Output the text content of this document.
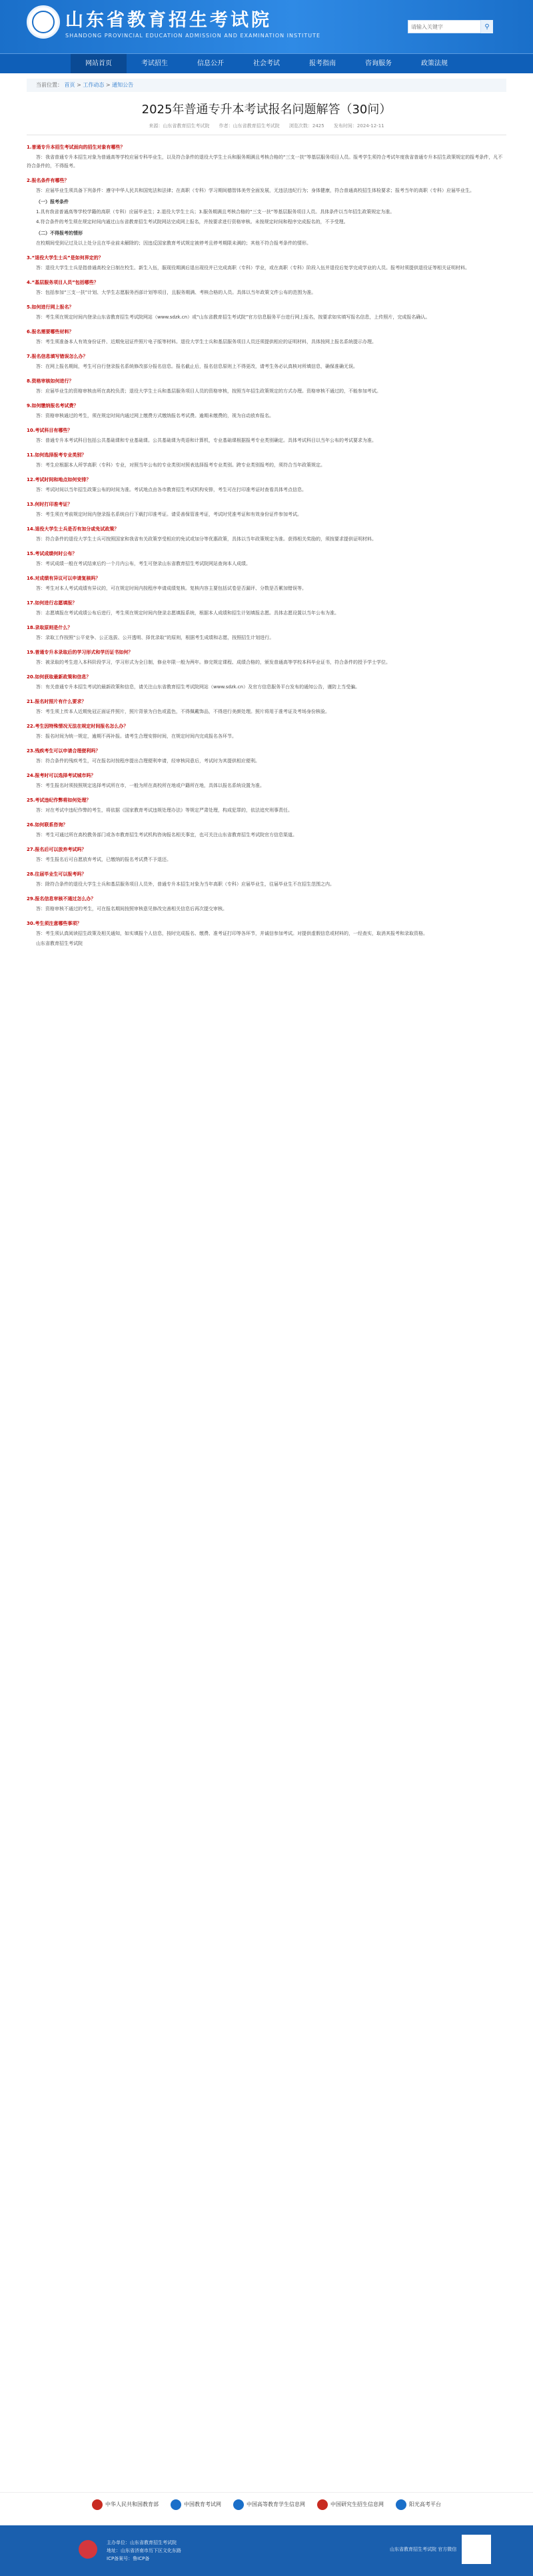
山东省教育招生考试院
SHANDONG PROVINCIAL EDUCATION ADMISSION AND EXAMINATION INSTITUTE
请输入关键字
⚲
网站首页	考试招生	信息公开	社会考试	报考指南	咨询服务	政策法规
当前位置： 首页 > 工作动态 > 通知公告
2025年普通专升本考试报名问题解答（30问）
来源：山东省教育招生考试院 作者：山东省教育招生考试院 浏览次数：2425 发布时间：2024-12-11
1.普通专升本招生考试面向的招生对象有哪些？
答：我省普通专升本招生对象为普通高等学校应届专科毕业生，以及符合条件的退役大学生士兵和服务期满且考核合格的“三支一扶”等基层服务项目人员。报考学生须符合考试年度我省普通专升本招生政策规定的报考条件，凡不符合条件的，不得报考。
2.报名条件有哪些？
答：应届毕业生须具备下列条件：遵守中华人民共和国宪法和法律；在高职（专科）学习期间德智体美劳全面发展，无违法违纪行为；身体健康，符合普通高校招生体检要求；报考当年的高职（专科）应届毕业生。
（一）报考条件
1.具有我省普通高等学校学籍的高职（专科）应届毕业生；2.退役大学生士兵；3.服务期满且考核合格的“三支一扶”等基层服务项目人员。具体条件以当年招生政策规定为准。
4.符合条件的考生须在规定时间内通过山东省教育招生考试院网站完成网上报名，并按要求进行资格审核。未按规定时间和程序完成报名的，不予受理。
（二）不得报考的情形
在校期间受到记过及以上处分且在毕业前未解除的；因违反国家教育考试规定被停考且停考期限未满的；其他不符合报考条件的情形。
3.“退役大学生士兵”是如何界定的？
答：退役大学生士兵是指普通高校全日制在校生、新生入伍，服现役期满后退出现役并已完成高职（专科）学业，或在高职（专科）阶段入伍并退役后复学完成学业的人员。报考时须提供退役证等相关证明材料。
4.“基层服务项目人员”包括哪些？
答：包括参加“三支一扶”计划、大学生志愿服务西部计划等项目，且服务期满、考核合格的人员。具体以当年政策文件公布的范围为准。
5.如何进行网上报名？
答：考生须在规定时间内登录山东省教育招生考试院网站（www.sdzk.cn）或“山东省教育招生考试院”官方信息服务平台进行网上报名，按要求如实填写报名信息，上传照片，完成报名确认。
6.报名需要哪些材料？
答：考生须准备本人有效身份证件、近期免冠证件照片电子版等材料。退役大学生士兵和基层服务项目人员还须提供相应的证明材料，具体按网上报名系统提示办理。
7.报名信息填写错误怎么办？
答：在网上报名期间，考生可自行登录报名系统修改部分报名信息。报名截止后，报名信息原则上不得更改，请考生务必认真核对所填信息，确保准确无误。
8.资格审核如何进行？
答：应届毕业生的资格审核由所在高校负责；退役大学生士兵和基层服务项目人员的资格审核，按照当年招生政策规定的方式办理。资格审核不通过的，不能参加考试。
9.如何缴纳报名考试费？
答：资格审核通过的考生，须在规定时间内通过网上缴费方式缴纳报名考试费。逾期未缴费的，视为自动放弃报名。
10.考试科目有哪些？
答：普通专升本考试科目包括公共基础课和专业基础课。公共基础课为英语和计算机，专业基础课根据报考专业类别确定。具体考试科目以当年公布的考试要求为准。
11.如何选择报考专业类别？
答：考生应根据本人所学高职（专科）专业，对照当年公布的专业类别对照表选择报考专业类别。跨专业类别报考的，须符合当年政策规定。
12.考试时间和地点如何安排？
答：考试时间以当年招生政策公布的时间为准。考试地点由各市教育招生考试机构安排，考生可在打印准考证时查看具体考点信息。
13.何时打印准考证？
答：考生须在考前规定时间内登录报名系统自行下载打印准考证。请妥善保管准考证，考试时凭准考证和有效身份证件参加考试。
14.退役大学生士兵是否有加分或免试政策？
答：符合条件的退役大学生士兵可按照国家和我省有关政策享受相应的免试或加分等优惠政策，具体以当年政策规定为准。获得相关奖励的，须按要求提供证明材料。
15.考试成绩何时公布？
答：考试成绩一般在考试结束后约一个月内公布，考生可登录山东省教育招生考试院网站查询本人成绩。
16.对成绩有异议可以申请复核吗？
答：考生对本人考试成绩有异议的，可在规定时间内按程序申请成绩复核。复核内容主要包括试卷是否漏评、分数是否累加错误等。
17.如何进行志愿填报？
答：志愿填报在考试成绩公布后进行，考生须在规定时间内登录志愿填报系统，根据本人成绩和招生计划填报志愿。具体志愿设置以当年公布为准。
18.录取原则是什么？
答：录取工作按照“公平竞争、公正选拔、公开透明、择优录取”的原则，根据考生成绩和志愿，按照招生计划进行。
19.普通专升本录取后的学习形式和学历证书如何？
答：被录取的考生进入本科阶段学习，学习形式为全日制，修业年限一般为两年。修完规定课程、成绩合格的，颁发普通高等学校本科毕业证书，符合条件的授予学士学位。
20.如何获取最新政策和信息？
答：有关普通专升本招生考试的最新政策和信息，请关注山东省教育招生考试院网站（www.sdzk.cn）及官方信息服务平台发布的通知公告，谨防上当受骗。
21.报名时照片有什么要求？
答：考生须上传本人近期免冠正面证件照片，照片背景为白色或蓝色，不得佩戴饰品，不得进行美颜处理。照片将用于准考证及考场身份核验。
22.考生因特殊情况无法在规定时间报名怎么办？
答：报名时间为统一规定，逾期不再补报。请考生合理安排时间，在规定时间内完成报名各环节。
23.残疾考生可以申请合理便利吗？
答：符合条件的残疾考生，可在报名时按程序提出合理便利申请，经审核同意后，考试时为其提供相应便利。
24.报考时可以选择考试城市吗？
答：考生报名时须按照规定选择考试所在市，一般为所在高校所在地或户籍所在地，具体以报名系统设置为准。
25.考试违纪作弊将如何处理？
答：对在考试中违纪作弊的考生，将依据《国家教育考试违规处理办法》等规定严肃处理，构成犯罪的，依法追究刑事责任。
26.如何联系咨询？
答：考生可通过所在高校教务部门或各市教育招生考试机构咨询报名相关事宜，也可关注山东省教育招生考试院官方信息渠道。
27.报名后可以放弃考试吗？
答：考生报名后可自愿放弃考试，已缴纳的报名考试费不予退还。
28.往届毕业生可以报考吗？
答：除符合条件的退役大学生士兵和基层服务项目人员外，普通专升本招生对象为当年高职（专科）应届毕业生，往届毕业生不在招生范围之内。
29.报名信息审核不通过怎么办？
答：资格审核不通过的考生，可在报名期间按照审核意见修改完善相关信息后再次提交审核。
30.考生须注意哪些事项？
答：考生须认真阅读招生政策及相关通知，如实填报个人信息，按时完成报名、缴费、准考证打印等各环节，并诚信参加考试。对提供虚假信息或材料的，一经查实，取消其报考和录取资格。
山东省教育招生考试院
中华人民共和国教育部	中国教育考试网	中国高等教育学生信息网	中国研究生招生信息网	阳光高考平台
主办单位：山东省教育招生考试院
地址：山东省济南市历下区文化东路
ICP备案号：鲁ICP备
山东省教育招生考试院 官方微信
